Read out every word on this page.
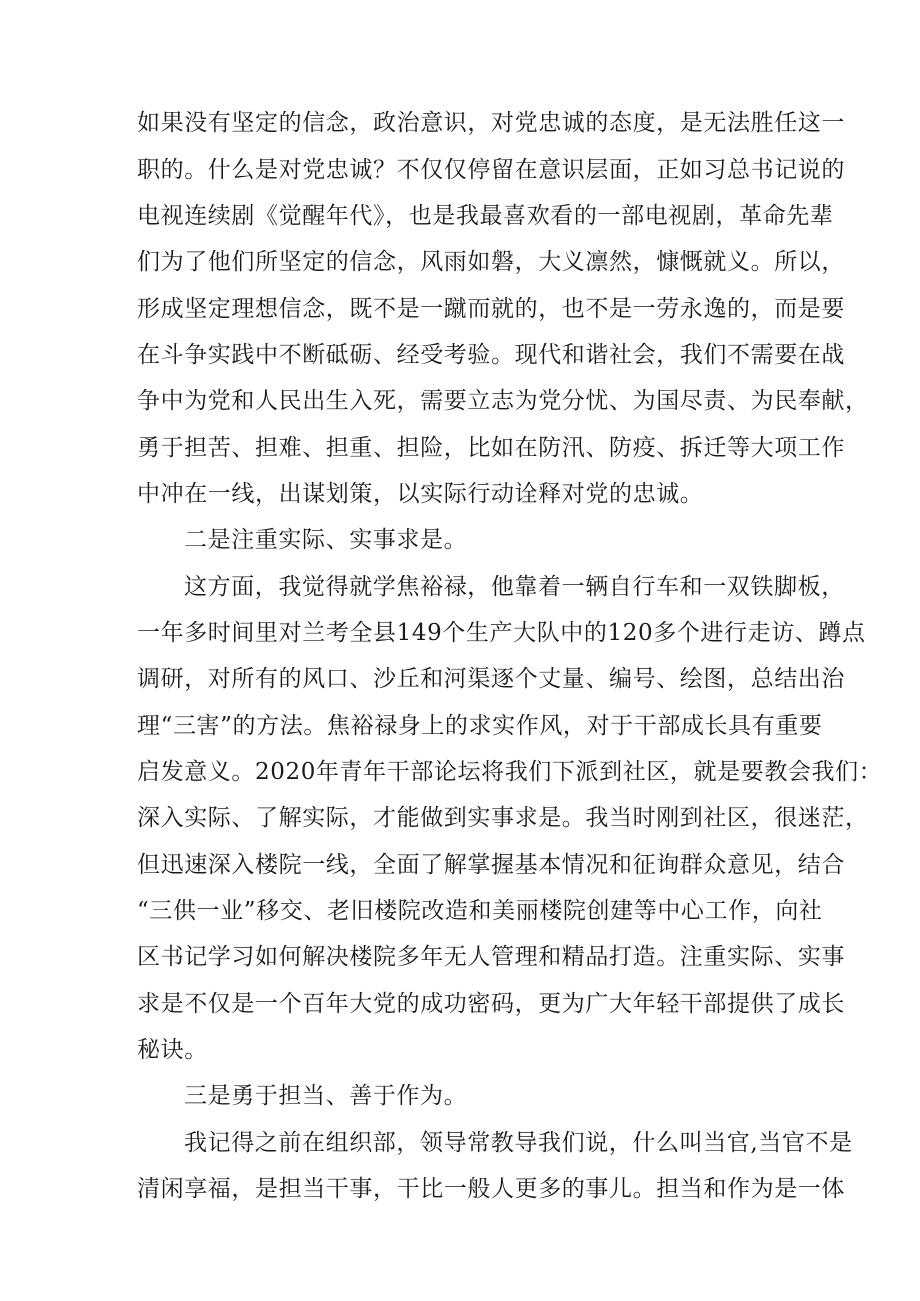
如果没有坚定的信念，政治意识，对党忠诚的态度，是无法胜任这一
职的。什么是对党忠诚？不仅仅停留在意识层面，正如习总书记说的
电视连续剧《觉醒年代》，也是我最喜欢看的一部电视剧，革命先辈
们为了他们所坚定的信念，风雨如磐，大义凛然，慷慨就义。所以，
形成坚定理想信念，既不是一蹴而就的，也不是一劳永逸的，而是要
在斗争实践中不断砥砺、经受考验。现代和谐社会，我们不需要在战
争中为党和人民出生入死，需要立志为党分忧、为国尽责、为民奉献，
勇于担苦、担难、担重、担险，比如在防汛、防疫、拆迁等大项工作
中冲在一线，出谋划策，以实际行动诠释对党的忠诚。
二是注重实际、实事求是。
这方面，我觉得就学焦裕禄，他靠着一辆自行车和一双铁脚板，
一年多时间里对兰考全县149个生产大队中的120多个进行走访、蹲点
调研，对所有的风口、沙丘和河渠逐个丈量、编号、绘图，总结出治
理“三害”的方法。焦裕禄身上的求实作风，对于干部成长具有重要
启发意义。2020年青年干部论坛将我们下派到社区，就是要教会我们：
深入实际、了解实际，才能做到实事求是。我当时刚到社区，很迷茫，
但迅速深入楼院一线，全面了解掌握基本情况和征询群众意见，结合
“三供一业”移交、老旧楼院改造和美丽楼院创建等中心工作，向社
区书记学习如何解决楼院多年无人管理和精品打造。注重实际、实事
求是不仅是一个百年大党的成功密码，更为广大年轻干部提供了成长
秘诀。
三是勇于担当、善于作为。
我记得之前在组织部，领导常教导我们说，什么叫当官,当官不是
清闲享福，是担当干事，干比一般人更多的事儿。担当和作为是一体
